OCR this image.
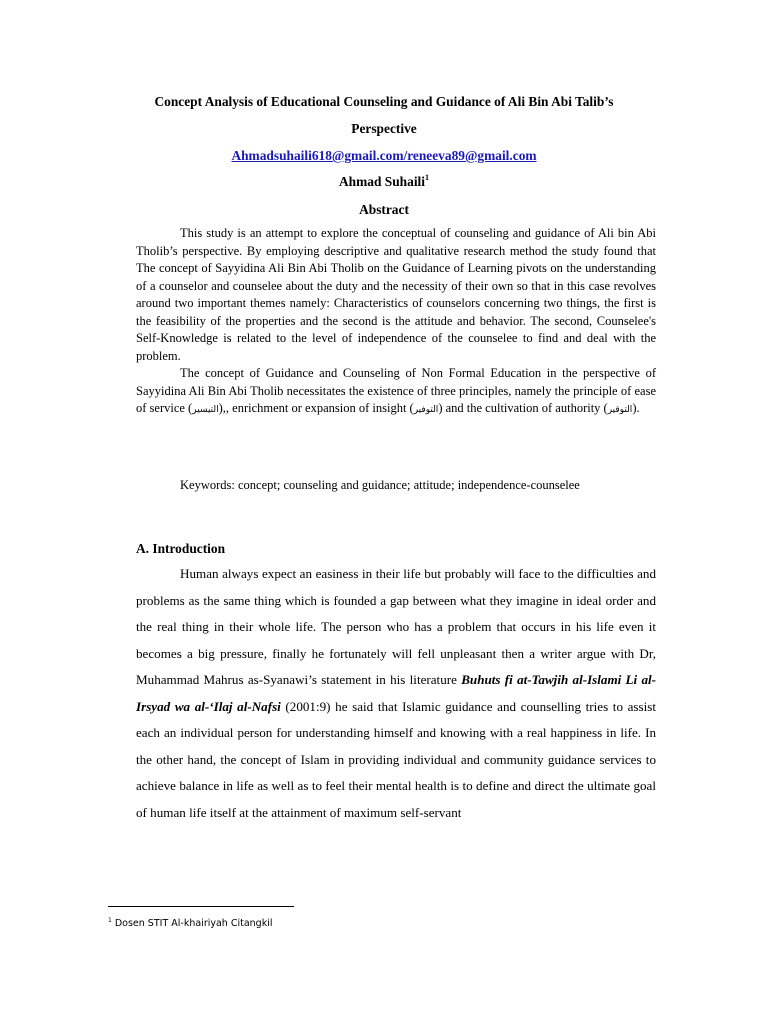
Concept Analysis of Educational Counseling and Guidance of Ali Bin Abi Talib’s
Perspective
Ahmadsuhaili618@gmail.com/reneeva89@gmail.com
Ahmad Suhaili$^1$
Abstract

This study is an attempt to explore the conceptual of counseling and guidance of Ali bin Abi Tholib’s perspective. By employing descriptive and qualitative research method the study found that The concept of Sayyidina Ali Bin Abi Tholib on the Guidance of Learning pivots on the understanding of a counselor and counselee about the duty and the necessity of their own so that in this case revolves around two important themes namely: Characteristics of counselors concerning two things, the first is the feasibility of the properties and the second is the attitude and behavior. The second, Counselee's Self-Knowledge is related to the level of independence of the counselee to find and deal with the problem.

The concept of Guidance and Counseling of Non Formal Education in the perspective of Sayyidina Ali Bin Abi Tholib necessitates the existence of three principles, namely the principle of ease of service (التيسير),, enrichment or expansion of insight (التوفير) and the cultivation of authority (التوقير).

Keywords: concept; counseling and guidance; attitude; independence-counselee
A. Introduction

Human always expect an easiness in their life but probably will face to the difficulties and problems as the same thing which is founded a gap between what they imagine in ideal order and the real thing in their whole life. The person who has a problem that occurs in his life even it becomes a big pressure, finally he fortunately will fell unpleasant then a writer argue with Dr, Muhammad Mahrus as-Syanawi’s statement in his literature Buhuts fi at-Tawjih al-Islami Li al-Irsyad wa al-‘Ilaj al-Nafsi (2001:9) he said that Islamic guidance and counselling tries to assist each an individual person for understanding himself and knowing with a real happiness in life. In the other hand, the concept of Islam in providing individual and community guidance services to achieve balance in life as well as to feel their mental health is to define and direct the ultimate goal of human life itself at the attainment of maximum self-servant

$^1$ Dosen STIT Al-khairiyah Citangkil
